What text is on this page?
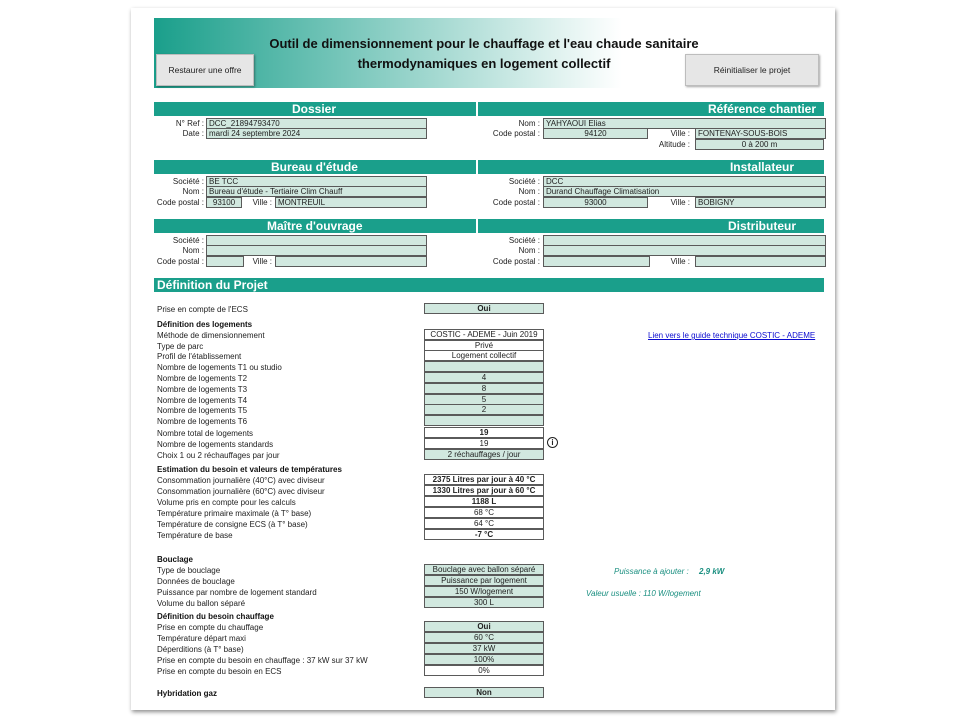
Outil de dimensionnement pour le chauffage et l'eau chaude sanitaire
thermodynamiques en logement collectif
Restaurer une offre	Réinitialiser le projet
Dossier	Référence chantier
N° Ref : DCC_21894793470
Date : mardi 24 septembre 2024
Nom : YAHYAOUI Elias
Code postal :	94120	Ville :	FONTENAY-SOUS-BOIS
Altitude :	0 à 200 m
Bureau d'étude	Installateur
Société : BE TCC
Nom : Bureau d'étude - Tertiaire Clim Chauff
Code postal :	93100	Ville : MONTREUIL
Société : DCC
Nom : Durand Chauffage Climatisation
Code postal :	93000	Ville :	BOBIGNY
Maître d'ouvrage	Distributeur
Société :
Nom :
Code postal :	Ville :
Société :
Nom :
Code postal :	Ville :
Définition du Projet
Prise en compte de l'ECS	Oui
Définition des logements
Méthode de dimensionnement	COSTIC - ADEME - Juin 2019	Lien vers le guide technique COSTIC - ADEME
Type de parc	Privé
Profil de l'établissement	Logement collectif
Nombre de logements T1 ou studio
Nombre de logements T2	4
Nombre de logements T3	8
Nombre de logements T4	5
Nombre de logements T5	2
Nombre de logements T6
Nombre total de logements	19
Nombre de logements standards	19	i
Choix 1 ou 2 réchauffages par jour	2 réchauffages / jour
Estimation du besoin et valeurs de températures
Consommation journalière (40°C) avec diviseur	2375 Litres par jour à 40 °C
Consommation journalière (60°C) avec diviseur	1330 Litres par jour à 60 °C
Volume pris en compte pour les calculs	1188 L
Température primaire maximale (à T° base)	68 °C
Température de consigne ECS (à T° base)	64 °C
Température de base	-7 °C
Bouclage
Type de bouclage	Bouclage avec ballon séparé	Puissance à ajouter : 2,9 kW
Données de bouclage	Puissance par logement
Puissance par nombre de logement standard	150 W/logement	Valeur usuelle : 110 W/logement
Volume du ballon séparé	300 L
Définition du besoin chauffage
Prise en compte du chauffage	Oui
Température départ maxi	60 °C
Déperditions (à T° base)	37 kW
Prise en compte du besoin en chauffage : 37 kW sur 37 kW	100%
Prise en compte du besoin en ECS	0%
Hybridation gaz	Non
